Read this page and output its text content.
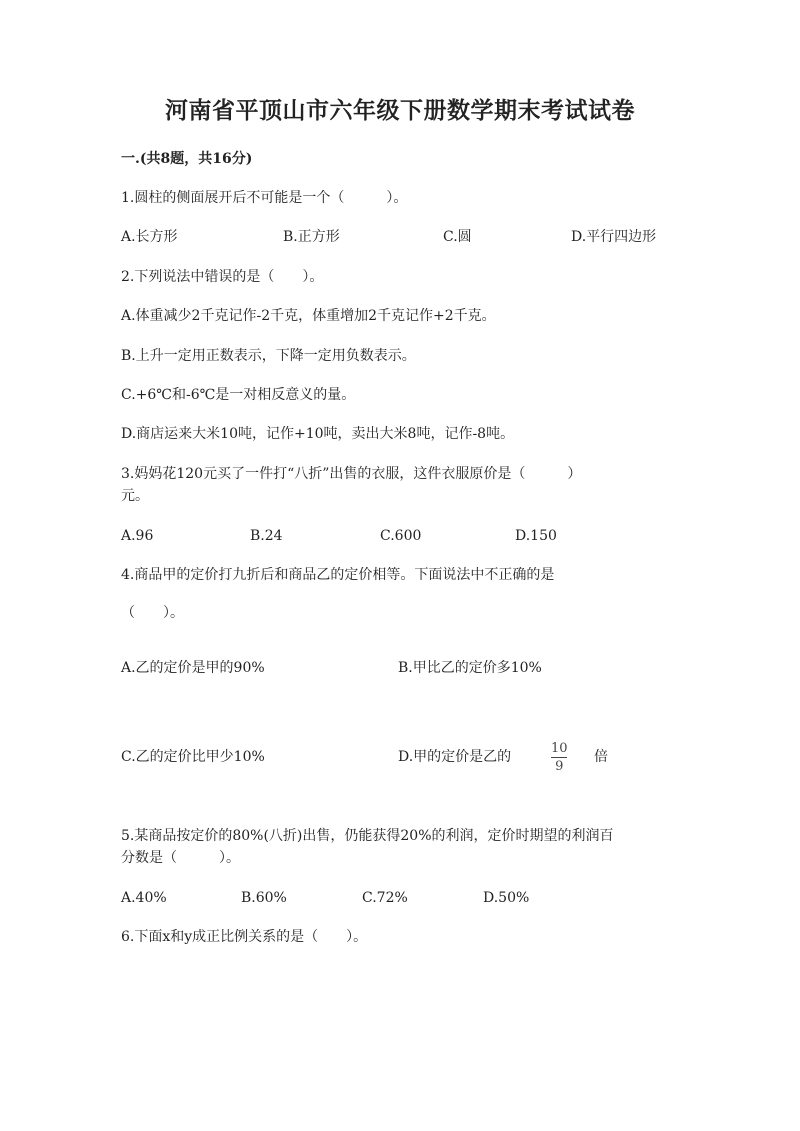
河南省平顶山市六年级下册数学期末考试试卷
一.(共8题，共16分)
1.圆柱的侧面展开后不可能是一个（　　　）。
A.长方形	B.正方形	C.圆	D.平行四边形
2.下列说法中错误的是（　　）。
A.体重减少2千克记作-2千克，体重增加2千克记作+2千克。
B.上升一定用正数表示，下降一定用负数表示。
C.+6℃和-6℃是一对相反意义的量。
D.商店运来大米10吨，记作+10吨，卖出大米8吨，记作-8吨。
3.妈妈花120元买了一件打“八折”出售的衣服，这件衣服原价是（　　　）
元。
A.96	B.24	C.600	D.150
4.商品甲的定价打九折后和商品乙的定价相等。下面说法中不正确的是
（　　）。
A.乙的定价是甲的90%	B.甲比乙的定价多10%
C.乙的定价比甲少10%	D.甲的定价是乙的
10
9
倍
5.某商品按定价的80%(八折)出售，仍能获得20%的利润，定价时期望的利润百
分数是（　　　）。
A.40%	B.60%	C.72%	D.50%
6.下面x和y成正比例关系的是（　　）。
